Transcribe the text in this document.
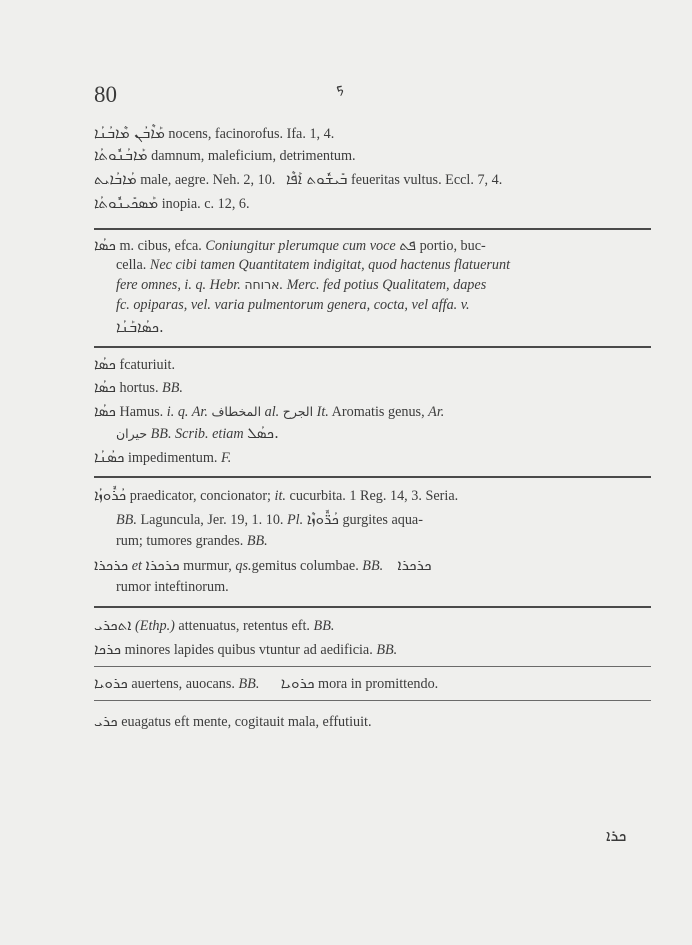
80	ܟ
ܡܰܐܶܒܳܢ ܡܶܐܒܳܢܳܐ nocens, facinorofus. Ifa. 1, 4.
ܡܰܐܒܳܢܽܘܬܳܐ damnum, maleficium, detrimentum.
ܡܳܐܒܳܐܝܬ male, aegre. Neh. 2, 10. ܒܺܝܫܽܘܬ ܐܰܦܶܐ feueritas vultus. Eccl. 7, 4.
ܡܰܣܟܺܝܢܽܘܬܳܐ inopia. c. 12, 6.
ܟܣܳܐ m. cibus, efca. Coniungitur plerumque cum voce ܦܬ portio, buc-
cella. Nec cibi tamen Quantitatem indigitat, quod hactenus flatuerunt
fere omnes, i. q. Hebr. ארוחה. Merc. fed potius Qualitatem, dapes
fc. opiparas, vel. varia pulmentorum genera, cocta, vel affa. v.
ܟܣܳܐܒܰܢܳܐ.
ܟܣܳܐ fcaturiuit.
ܟܣܳܐ hortus. BB.
ܟܣܳܐ Hamus. i. q. Ar. المخطاف al. الجرح It. Aromatis genus, Ar.
حيران BB. Scrib. etiam ܟܣܳܠ.
ܟܣܳܢܳܐ impedimentum. F.
ܟܳܪܽܘܙܳܐ praedicator, concionator; it. cucurbita. 1 Reg. 14, 3. Seria.
BB. Laguncula, Jer. 19, 1. 10. Pl. ܟܳܪ̈ܽܘܙܶܐ gurgites aqua-
rum; tumores grandes. BB.
ܟܪܟܪܐ et ܟܪܟܪܐ murmur, qs.gemitus columbae. BB. ܟܪܟܪܐ
rumor inteftinorum.
ܐܬܟܪܝ (Ethp.) attenuatus, retentus eft. BB.
ܟܪܟܐ minores lapides quibus vtuntur ad aedificia. BB.
ܟܪܘܝܐ auertens, auocans. BB. ܟܪܘܝܐ mora in promittendo.
ܟܪܝ euagatus eft mente, cogitauit mala, effutiuit.
ܟܪܐ
